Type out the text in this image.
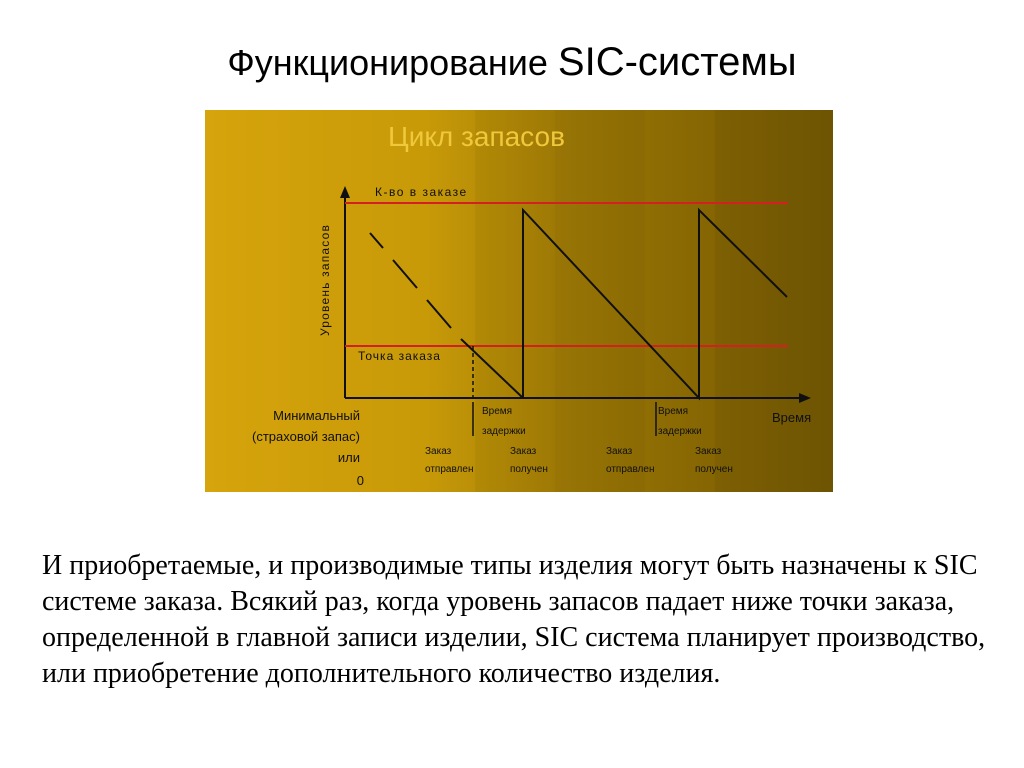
Функционирование SIC-системы
Цикл запасов
К-во в заказе
Точка заказа
Уровень запасов
Время
Минимальный
(страховой запас)
или
0
Время
задержки
Время
задержки
Заказ
отправлен
Заказ
получен
Заказ
отправлен
Заказ
получен
И приобретаемые, и производимые типы изделия могут быть назначены к SIC системе заказа. Всякий раз, когда уровень запасов падает ниже точки заказа, определенной в главной записи изделии, SIC система планирует производство, или приобретение дополнительного количество изделия.
